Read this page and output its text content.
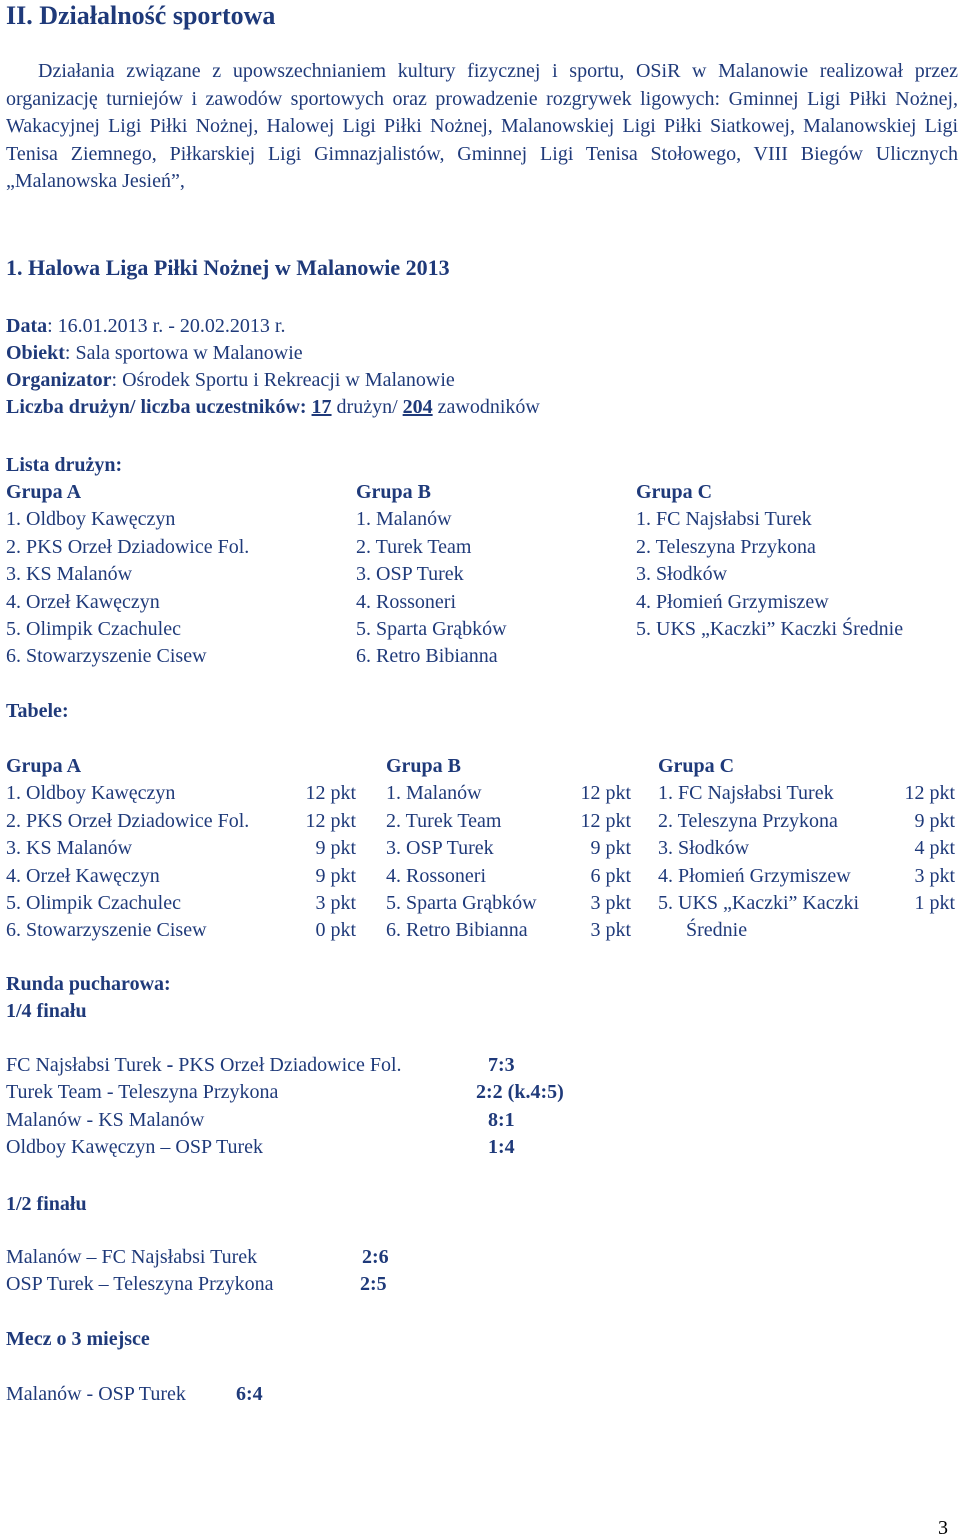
II. Działalność sportowa
Działania związane z upowszechnianiem kultury fizycznej i sportu, OSiR w Malanowie realizował przez organizację turniejów i zawodów sportowych oraz prowadzenie rozgrywek ligowych: Gminnej Ligi Piłki Nożnej, Wakacyjnej Ligi Piłki Nożnej, Halowej Ligi Piłki Nożnej, Malanowskiej Ligi Piłki Siatkowej, Malanowskiej Ligi Tenisa Ziemnego, Piłkarskiej Ligi Gimnazjalistów, Gminnej Ligi Tenisa Stołowego, VIII Biegów Ulicznych „Malanowska Jesień”,
1. Halowa Liga Piłki Nożnej w Malanowie 2013
Data: 16.01.2013 r. - 20.02.2013 r.
Obiekt: Sala sportowa w Malanowie
Organizator: Ośrodek Sportu i Rekreacji w Malanowie
Liczba drużyn/ liczba uczestników: 17 drużyn/ 204 zawodników
Lista drużyn:
Grupa A
1. Oldboy Kawęczyn
2. PKS Orzeł Dziadowice Fol.
3. KS Malanów
4. Orzeł Kawęczyn
5. Olimpik Czachulec
6. Stowarzyszenie Cisew
Grupa B
1. Malanów
2. Turek Team
3. OSP Turek
4. Rossoneri
5. Sparta Grąbków
6. Retro Bibianna
Grupa C
1. FC Najsłabsi Turek
2. Teleszyna Przykona
3. Słodków
4. Płomień Grzymiszew
5. UKS „Kaczki” Kaczki Średnie
Tabele:
Grupa A
1. Oldboy Kawęczyn	12 pkt
2. PKS Orzeł Dziadowice Fol.	12 pkt
3. KS Malanów	9 pkt
4. Orzeł Kawęczyn	9 pkt
5. Olimpik Czachulec	3 pkt
6. Stowarzyszenie Cisew	0 pkt
Grupa B
1. Malanów	12 pkt
2. Turek Team	12 pkt
3. OSP Turek	9 pkt
4. Rossoneri	6 pkt
5. Sparta Grąbków	3 pkt
6. Retro Bibianna	3 pkt
Grupa C
1. FC Najsłabsi Turek	12 pkt
2. Teleszyna Przykona	9 pkt
3. Słodków	4 pkt
4. Płomień Grzymiszew	3 pkt
5. UKS „Kaczki” Kaczki	1 pkt
Średnie
Runda pucharowa:
1/4 finału
FC Najsłabsi Turek - PKS Orzeł Dziadowice Fol.	7:3
Turek Team - Teleszyna Przykona	2:2 (k.4:5)
Malanów - KS Malanów	8:1
Oldboy Kawęczyn – OSP Turek	1:4
1/2 finału
Malanów – FC Najsłabsi Turek	2:6
OSP Turek – Teleszyna Przykona	2:5
Mecz o 3 miejsce
Malanów - OSP Turek	6:4
3
